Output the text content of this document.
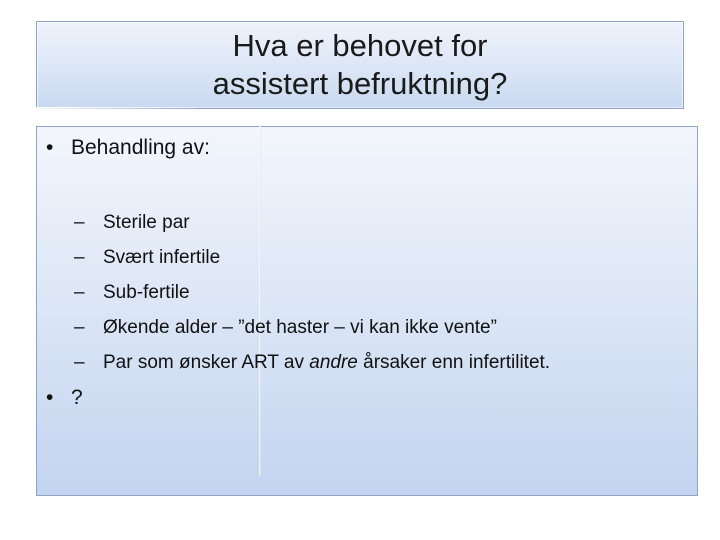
Hva er behovet for
assistert befruktning?
• Behandling av:
– Sterile par
– Svært infertile
– Sub-fertile
– Økende alder – ”det haster – vi kan ikke vente”
– Par som ønsker ART av andre årsaker enn infertilitet.
• ?
